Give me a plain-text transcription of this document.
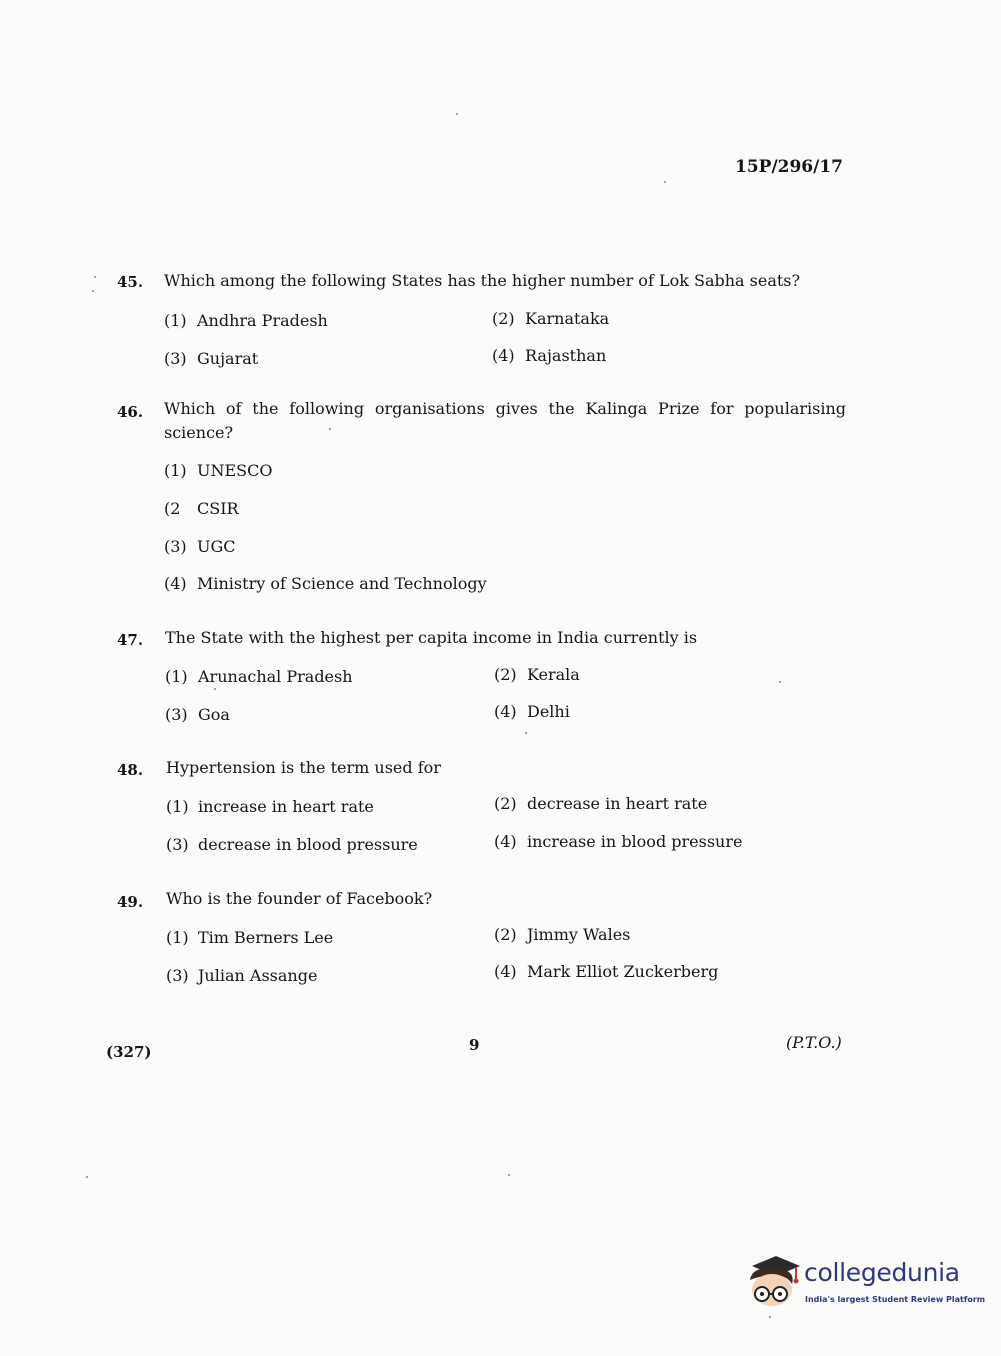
15P/296/17
45. Which among the following States has the higher number of Lok Sabha seats?
(1) Andhra Pradesh	(2) Karnataka
(3) Gujarat	(4) Rajasthan
46. Which of the following organisations gives the Kalinga Prize for popularising science?
(1) UNESCO
(2 CSIR
(3) UGC
(4) Ministry of Science and Technology
47. The State with the highest per capita income in India currently is
(1) Arunachal Pradesh	(2) Kerala
(3) Goa	(4) Delhi
48. Hypertension is the term used for
(1) increase in heart rate	(2) decrease in heart rate
(3) decrease in blood pressure	(4) increase in blood pressure
49. Who is the founder of Facebook?
(1) Tim Berners Lee	(2) Jimmy Wales
(3) Julian Assange	(4) Mark Elliot Zuckerberg
(327)	9	(P.T.O.)
collegedunia
India's largest Student Review Platform
